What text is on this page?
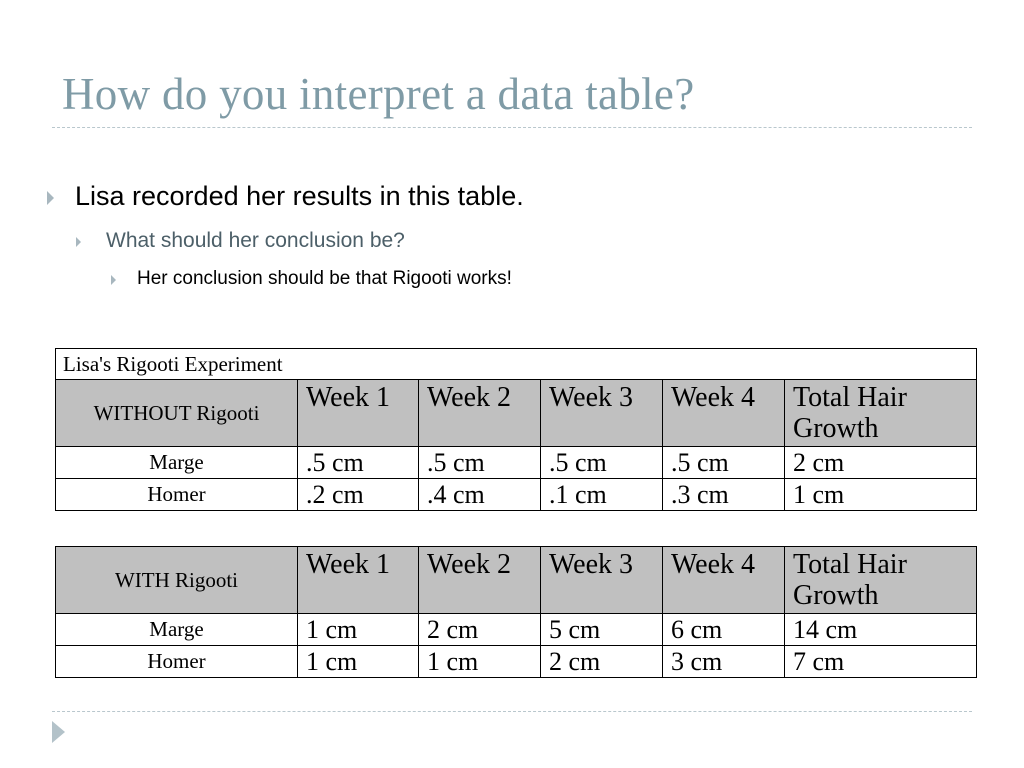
How do you interpret a data table?
Lisa recorded her results in this table.
What should her conclusion be?
Her conclusion should be that Rigooti works!
Lisa's Rigooti Experiment					
WITHOUT Rigooti	Week 1	Week 2	Week 3	Week 4	Total Hair Growth
Marge	.5 cm	.5 cm	.5 cm	.5 cm	2 cm
Homer	.2 cm	.4 cm	.1 cm	.3 cm	1 cm
WITH Rigooti	Week 1	Week 2	Week 3	Week 4	Total Hair Growth
Marge	1 cm	2 cm	5 cm	6 cm	14 cm
Homer	1 cm	1 cm	2 cm	3 cm	7 cm
